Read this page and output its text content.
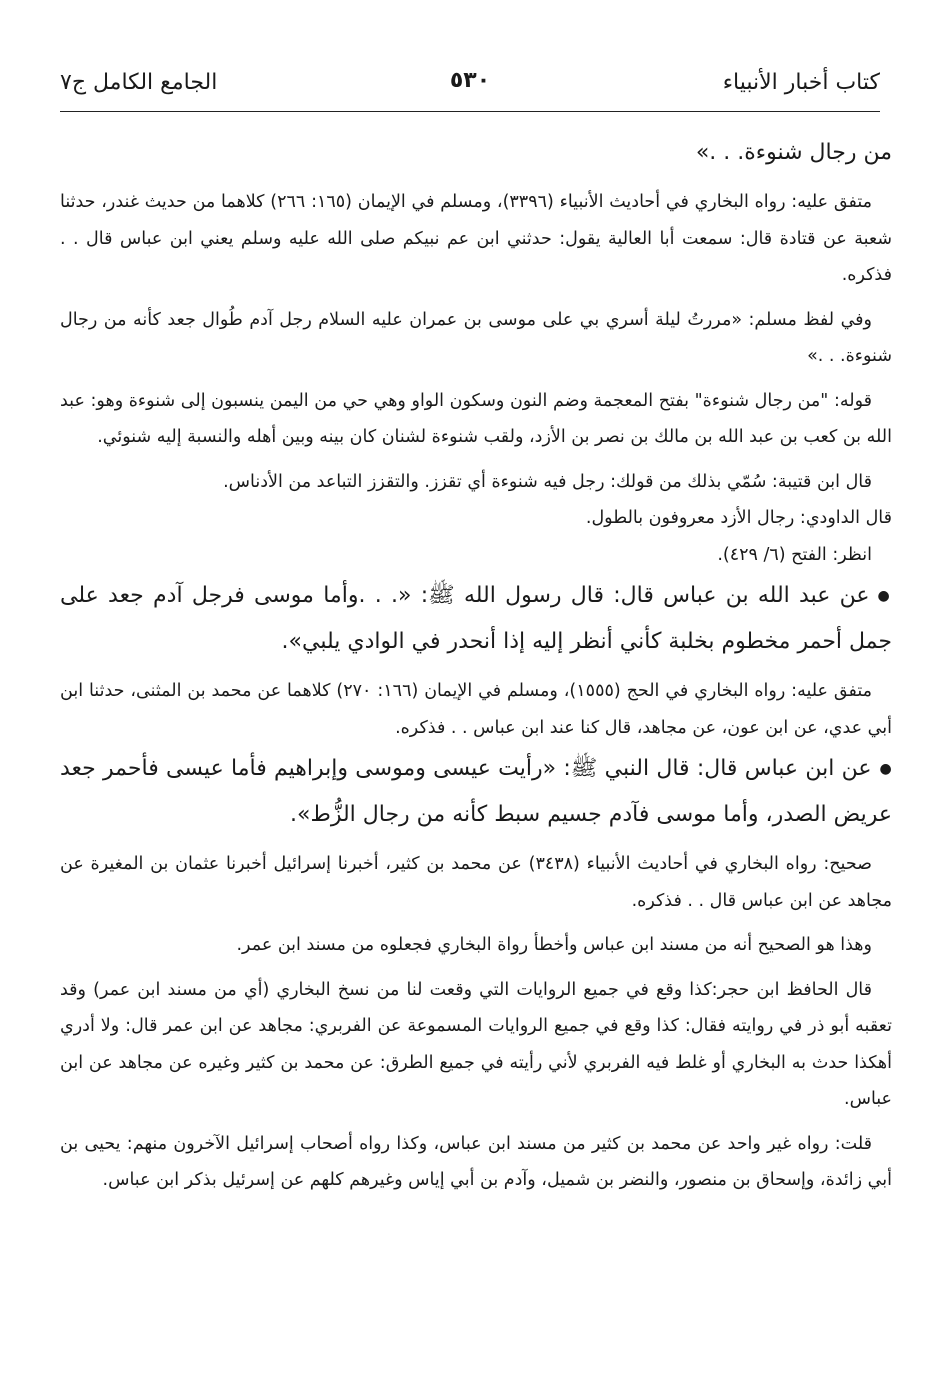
كتاب أخبار الأنبياء
٥٣٠
الجامع الكامل ج٧

من رجال شنوءة. . .»

متفق عليه: رواه البخاري في أحاديث الأنبياء (٣٣٩٦)، ومسلم في الإيمان (١٦٥: ٢٦٦) كلاهما من حديث غندر، حدثنا شعبة عن قتادة قال: سمعت أبا العالية يقول: حدثني ابن عم نبيكم صلى الله عليه وسلم يعني ابن عباس قال . . فذكره.

وفي لفظ مسلم: «مررتُ ليلة أسري بي على موسى بن عمران عليه السلام رجل آدم طُوال جعد كأنه من رجال شنوءة. . .»

قوله: "من رجال شنوءة" بفتح المعجمة وضم النون وسكون الواو وهي حي من اليمن ينسبون إلى شنوءة وهو: عبد الله بن كعب بن عبد الله بن مالك بن نصر بن الأزد، ولقب شنوءة لشنان كان بينه وبين أهله والنسبة إليه شنوئي.

قال ابن قتيبة: سُمّي بذلك من قولك: رجل فيه شنوءة أي تقزز. والتقزز التباعد من الأدناس.

قال الداودي: رجال الأزد معروفون بالطول.

انظر: الفتح (٦/ ٤٢٩).

●عن عبد الله بن عباس قال: قال رسول الله ﷺ: «. . .وأما موسى فرجل آدم جعد على جمل أحمر مخطوم بخلبة كأني أنظر إليه إذا أنحدر في الوادي يلبي».

متفق عليه: رواه البخاري في الحج (١٥٥٥)، ومسلم في الإيمان (١٦٦: ٢٧٠) كلاهما عن محمد بن المثنى، حدثنا ابن أبي عدي، عن ابن عون، عن مجاهد، قال كنا عند ابن عباس . . فذكره.

●عن ابن عباس قال: قال النبي ﷺ: «رأيت عيسى وموسى وإبراهيم فأما عيسى فأحمر جعد عريض الصدر، وأما موسى فآدم جسيم سبط كأنه من رجال الزُّط».

صحيح: رواه البخاري في أحاديث الأنبياء (٣٤٣٨) عن محمد بن كثير، أخبرنا إسرائيل أخبرنا عثمان بن المغيرة عن مجاهد عن ابن عباس قال . . فذكره.

وهذا هو الصحيح أنه من مسند ابن عباس وأخطأ رواة البخاري فجعلوه من مسند ابن عمر.

قال الحافظ ابن حجر:كذا وقع في جميع الروايات التي وقعت لنا من نسخ البخاري (أي من مسند ابن عمر) وقد تعقبه أبو ذر في روايته فقال: كذا وقع في جميع الروايات المسموعة عن الفربري: مجاهد عن ابن عمر قال: ولا أدري أهكذا حدث به البخاري أو غلط فيه الفربري لأني رأيته في جميع الطرق: عن محمد بن كثير وغيره عن مجاهد عن ابن عباس.

قلت: رواه غير واحد عن محمد بن كثير من مسند ابن عباس، وكذا رواه أصحاب إسرائيل الآخرون منهم: يحيى بن أبي زائدة، وإسحاق بن منصور، والنضر بن شميل، وآدم بن أبي إياس وغيرهم كلهم عن إسرئيل بذكر ابن عباس.
